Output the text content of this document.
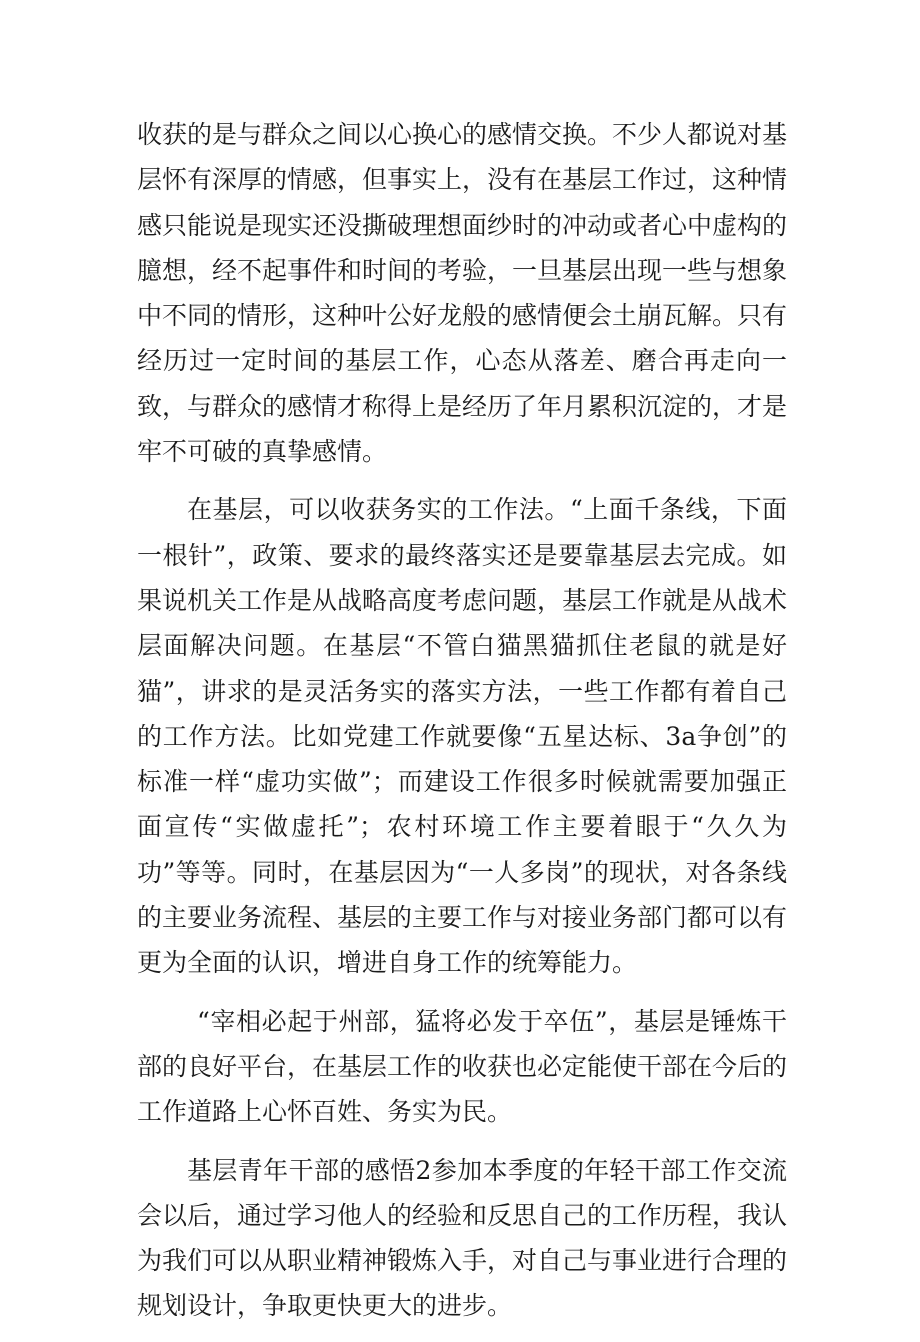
收获的是与群众之间以心换心的感情交换。不少人都说对基层怀有深厚的情感，但事实上，没有在基层工作过，这种情感只能说是现实还没撕破理想面纱时的冲动或者心中虚构的臆想，经不起事件和时间的考验，一旦基层出现一些与想象中不同的情形，这种叶公好龙般的感情便会土崩瓦解。只有经历过一定时间的基层工作，心态从落差、磨合再走向一致，与群众的感情才称得上是经历了年月累积沉淀的，才是牢不可破的真挚感情。

在基层，可以收获务实的工作法。“上面千条线，下面一根针”，政策、要求的最终落实还是要靠基层去完成。如果说机关工作是从战略高度考虑问题，基层工作就是从战术层面解决问题。在基层“不管白猫黑猫抓住老鼠的就是好猫”，讲求的是灵活务实的落实方法，一些工作都有着自己的工作方法。比如党建工作就要像“五星达标、3a争创”的标准一样“虚功实做”；而建设工作很多时候就需要加强正面宣传“实做虚托”；农村环境工作主要着眼于“久久为功”等等。同时，在基层因为“一人多岗”的现状，对各条线的主要业务流程、基层的主要工作与对接业务部门都可以有更为全面的认识，增进自身工作的统筹能力。

“宰相必起于州部，猛将必发于卒伍”，基层是锤炼干部的良好平台，在基层工作的收获也必定能使干部在今后的工作道路上心怀百姓、务实为民。

基层青年干部的感悟2参加本季度的年轻干部工作交流会以后，通过学习他人的经验和反思自己的工作历程，我认为我们可以从职业精神锻炼入手，对自己与事业进行合理的规划设计，争取更快更大的进步。
